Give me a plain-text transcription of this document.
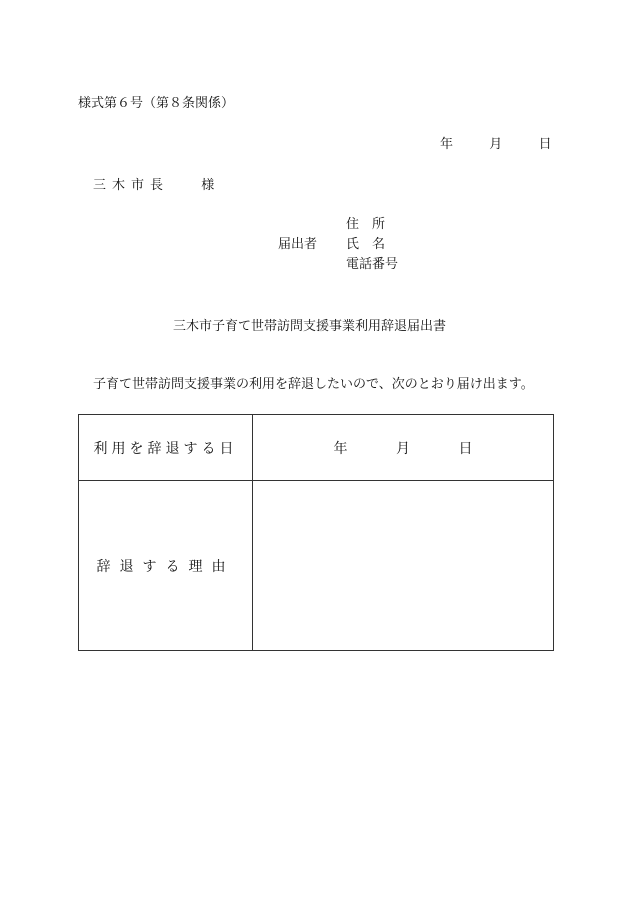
様式第６号（第８条関係）
年	月	日
三木市長 様
届出者
住　所
氏　名
電話番号
三木市子育て世帯訪問支援事業利用辞退届出書
子育て世帯訪問支援事業の利用を辞退したいので、次のとおり届け出ます。
利用を辞退する日	年 月 日
辞退する理由	
